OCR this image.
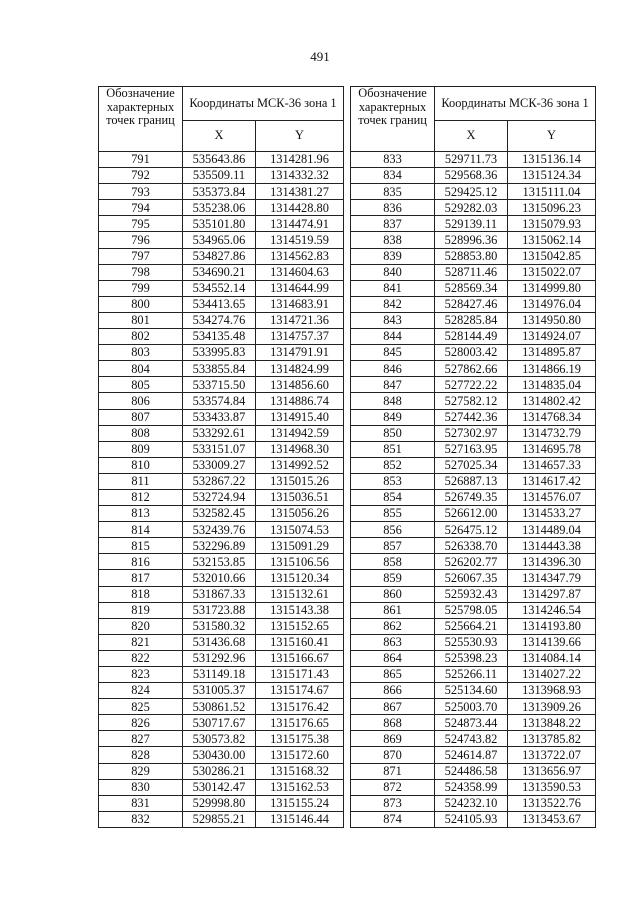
491
Обозначение характерных точек границ	Координаты МСК-36 зона 1	
	X	Y
791	535643.86	1314281.96
792	535509.11	1314332.32
793	535373.84	1314381.27
794	535238.06	1314428.80
795	535101.80	1314474.91
796	534965.06	1314519.59
797	534827.86	1314562.83
798	534690.21	1314604.63
799	534552.14	1314644.99
800	534413.65	1314683.91
801	534274.76	1314721.36
802	534135.48	1314757.37
803	533995.83	1314791.91
804	533855.84	1314824.99
805	533715.50	1314856.60
806	533574.84	1314886.74
807	533433.87	1314915.40
808	533292.61	1314942.59
809	533151.07	1314968.30
810	533009.27	1314992.52
811	532867.22	1315015.26
812	532724.94	1315036.51
813	532582.45	1315056.26
814	532439.76	1315074.53
815	532296.89	1315091.29
816	532153.85	1315106.56
817	532010.66	1315120.34
818	531867.33	1315132.61
819	531723.88	1315143.38
820	531580.32	1315152.65
821	531436.68	1315160.41
822	531292.96	1315166.67
823	531149.18	1315171.43
824	531005.37	1315174.67
825	530861.52	1315176.42
826	530717.67	1315176.65
827	530573.82	1315175.38
828	530430.00	1315172.60
829	530286.21	1315168.32
830	530142.47	1315162.53
831	529998.80	1315155.24
832	529855.21	1315146.44
Обозначение характерных точек границ	Координаты МСК-36 зона 1	
	X	Y
833	529711.73	1315136.14
834	529568.36	1315124.34
835	529425.12	1315111.04
836	529282.03	1315096.23
837	529139.11	1315079.93
838	528996.36	1315062.14
839	528853.80	1315042.85
840	528711.46	1315022.07
841	528569.34	1314999.80
842	528427.46	1314976.04
843	528285.84	1314950.80
844	528144.49	1314924.07
845	528003.42	1314895.87
846	527862.66	1314866.19
847	527722.22	1314835.04
848	527582.12	1314802.42
849	527442.36	1314768.34
850	527302.97	1314732.79
851	527163.95	1314695.78
852	527025.34	1314657.33
853	526887.13	1314617.42
854	526749.35	1314576.07
855	526612.00	1314533.27
856	526475.12	1314489.04
857	526338.70	1314443.38
858	526202.77	1314396.30
859	526067.35	1314347.79
860	525932.43	1314297.87
861	525798.05	1314246.54
862	525664.21	1314193.80
863	525530.93	1314139.66
864	525398.23	1314084.14
865	525266.11	1314027.22
866	525134.60	1313968.93
867	525003.70	1313909.26
868	524873.44	1313848.22
869	524743.82	1313785.82
870	524614.87	1313722.07
871	524486.58	1313656.97
872	524358.99	1313590.53
873	524232.10	1313522.76
874	524105.93	1313453.67
